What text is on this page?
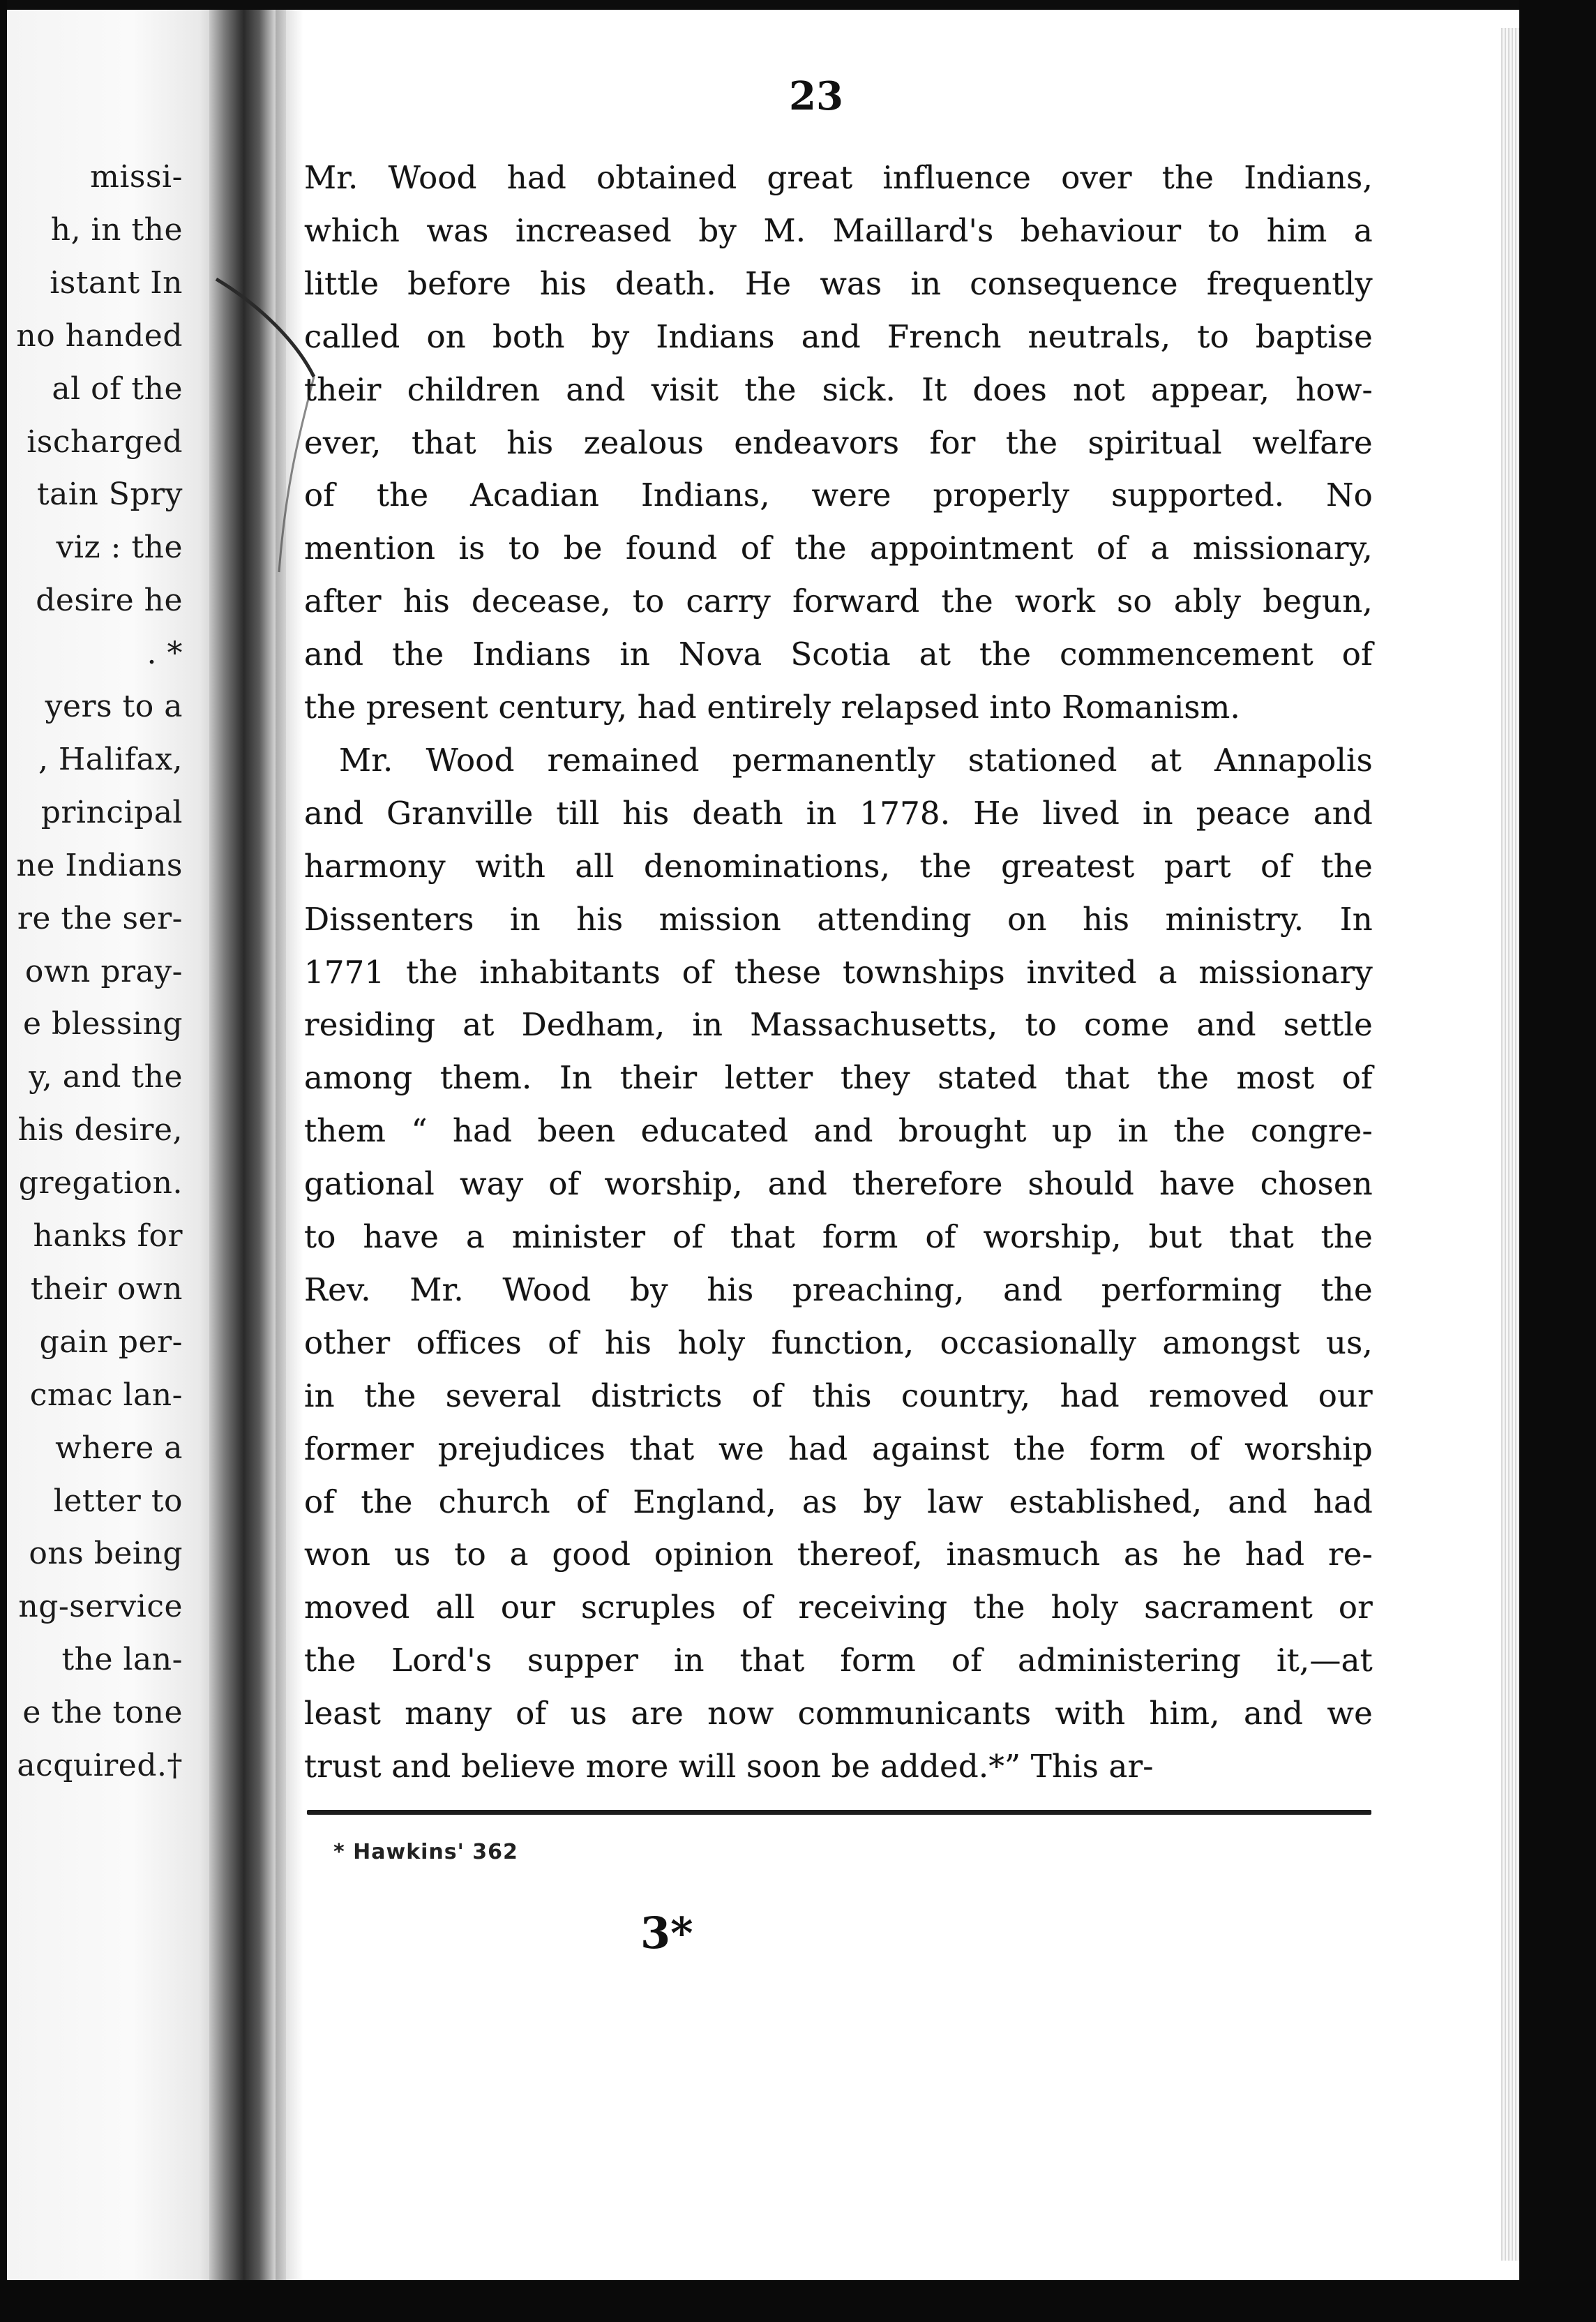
missi‑
h, in the
istant In
no handed
al of the
ischarged
tain Spry
viz : the
desire he
. *
yers to a
, Halifax,
principal
ne Indians
re the ser-
own pray-
e blessing
y, and the
his desire,
gregation.
hanks for
their own
gain per-
cmac lan-
where a
letter to
ons being
ng-service
the lan-
e the tone
acquired.†
23
Mr. Wood had obtained great influence over the Indians,
which was increased by M. Maillard's behaviour to him a
little before his death. He was in consequence frequently
called on both by Indians and French neutrals, to baptise
their children and visit the sick. It does not appear, how-
ever, that his zealous endeavors for the spiritual welfare
of the Acadian Indians, were properly supported. No
mention is to be found of the appointment of a missionary,
after his decease, to carry forward the work so ably begun,
and the Indians in Nova Scotia at the commencement of
the present century, had entirely relapsed into Romanism.
Mr. Wood remained permanently stationed at Annapolis
and Granville till his death in 1778. He lived in peace and
harmony with all denominations, the greatest part of the
Dissenters in his mission attending on his ministry. In
1771 the inhabitants of these townships invited a missionary
residing at Dedham, in Massachusetts, to come and settle
among them. In their letter they stated that the most of
them “ had been educated and brought up in the congre-
gational way of worship, and therefore should have chosen
to have a minister of that form of worship, but that the
Rev. Mr. Wood by his preaching, and performing the
other offices of his holy function, occasionally amongst us,
in the several districts of this country, had removed our
former prejudices that we had against the form of worship
of the church of England, as by law established, and had
won us to a good opinion thereof, inasmuch as he had re-
moved all our scruples of receiving the holy sacrament or
the Lord's supper in that form of administering it,—at
least many of us are now communicants with him, and we
trust and believe more will soon be added.*” This ar-
* Hawkins' 362
3*
